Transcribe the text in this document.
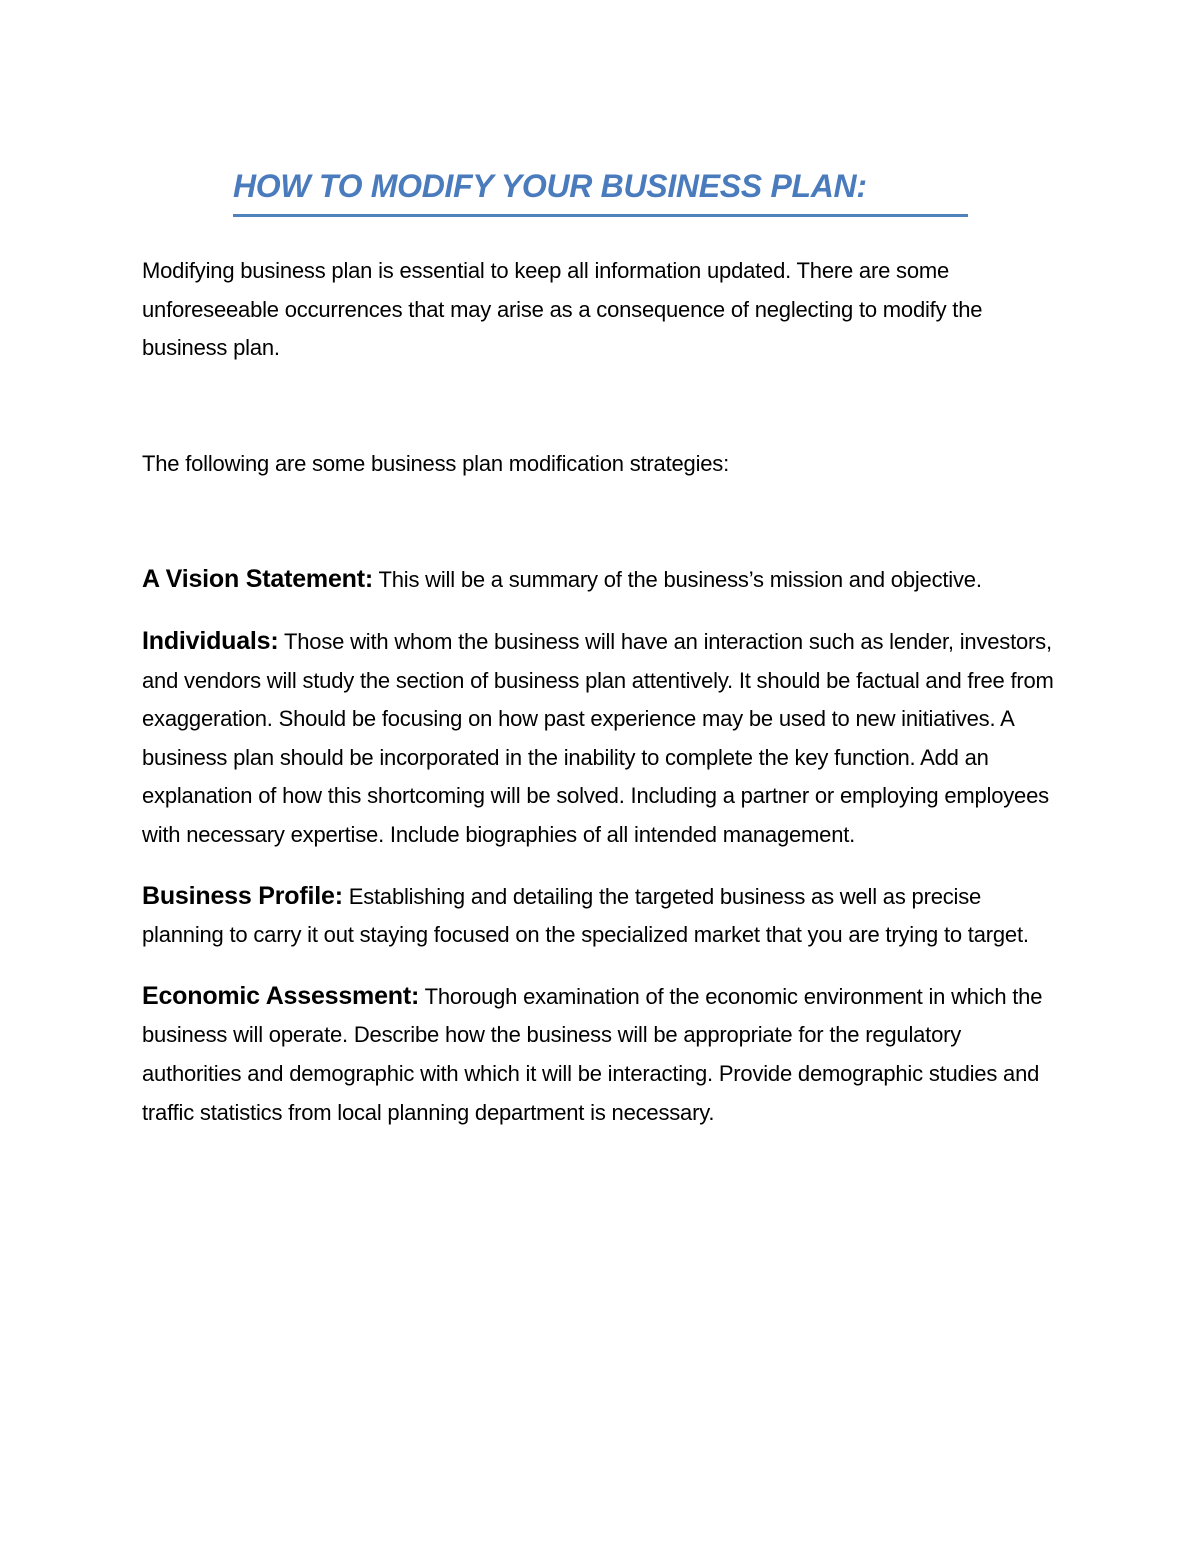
HOW TO MODIFY YOUR BUSINESS PLAN:

Modifying business plan is essential to keep all information updated. There are some unforeseeable occurrences that may arise as a consequence of neglecting to modify the business plan.

The following are some business plan modification strategies:

A Vision Statement: This will be a summary of the business’s mission and objective.

Individuals: Those with whom the business will have an interaction such as lender, investors, and vendors will study the section of business plan attentively. It should be factual and free from exaggeration. Should be focusing on how past experience may be used to new initiatives. A business plan should be incorporated in the inability to complete the key function. Add an explanation of how this shortcoming will be solved. Including a partner or employing employees with necessary expertise. Include biographies of all intended management.

Business Profile: Establishing and detailing the targeted business as well as precise planning to carry it out staying focused on the specialized market that you are trying to target.

Economic Assessment: Thorough examination of the economic environment in which the business will operate. Describe how the business will be appropriate for the regulatory authorities and demographic with which it will be interacting. Provide demographic studies and traffic statistics from local planning department is necessary.
